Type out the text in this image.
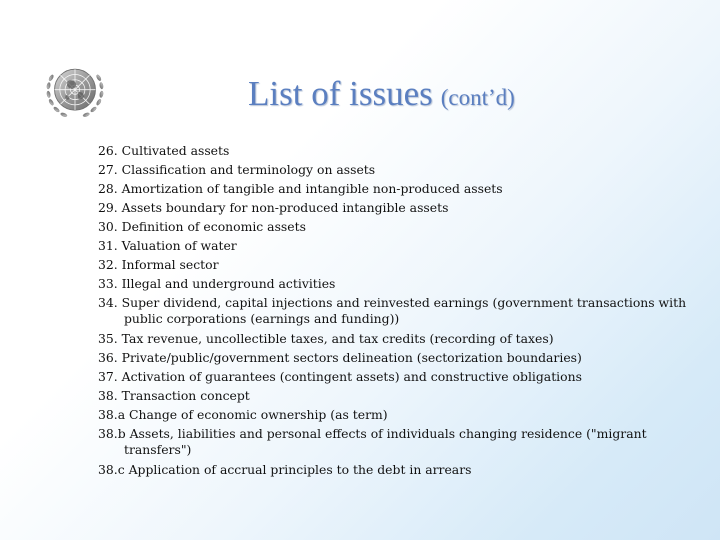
List of issues (cont’d)
26. Cultivated assets
27. Classification and terminology on assets
28. Amortization of tangible and intangible non-produced assets
29. Assets boundary for non-produced intangible assets
30. Definition of economic assets
31. Valuation of water
32. Informal sector
33. Illegal and underground activities
34. Super dividend, capital injections and reinvested earnings (government transactions with
public corporations (earnings and funding))
35. Tax revenue, uncollectible taxes, and tax credits (recording of taxes)
36. Private/public/government sectors delineation (sectorization boundaries)
37. Activation of guarantees (contingent assets) and constructive obligations
38. Transaction concept
38.a Change of economic ownership (as term)
38.b Assets, liabilities and personal effects of individuals changing residence ("migrant
transfers")
38.c Application of accrual principles to the debt in arrears
